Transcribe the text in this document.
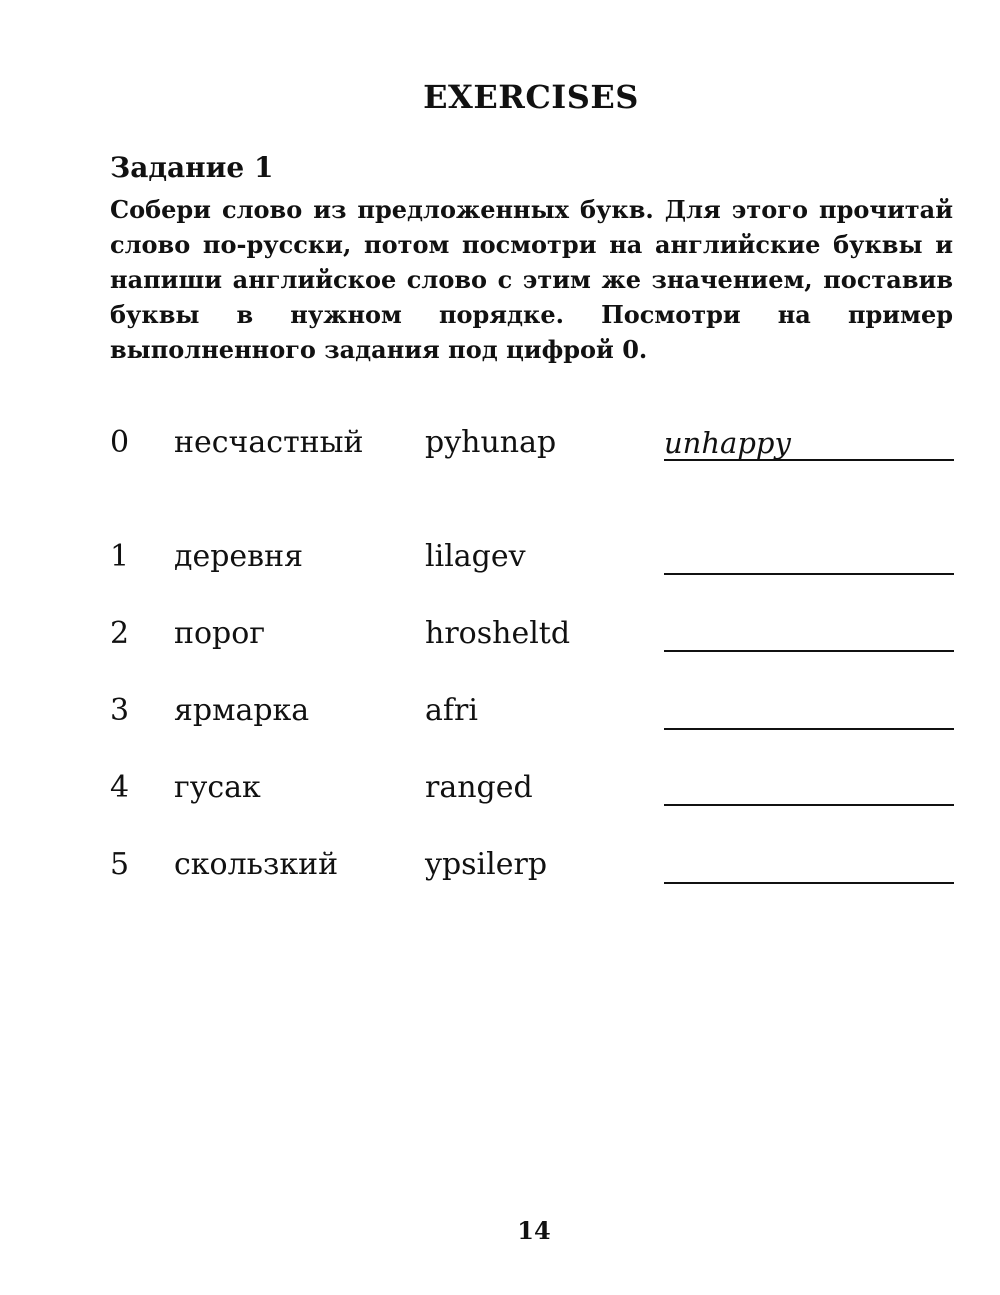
EXERCISES
Задание 1
Собери слово из предложенных букв. Для этого прочитай слово по-русски, потом посмотри на английские буквы и напиши английское слово с этим же значением, поставив буквы в нужном порядке. Посмотри на пример выполненного задания под цифрой 0.
0 несчастный pyhunap	unhappy
1 деревня	lilagev
2 порог	hrosheltd
3 ярмарка	afri
4 гусак	ranged
5 скользкий	ypsilerp
14
